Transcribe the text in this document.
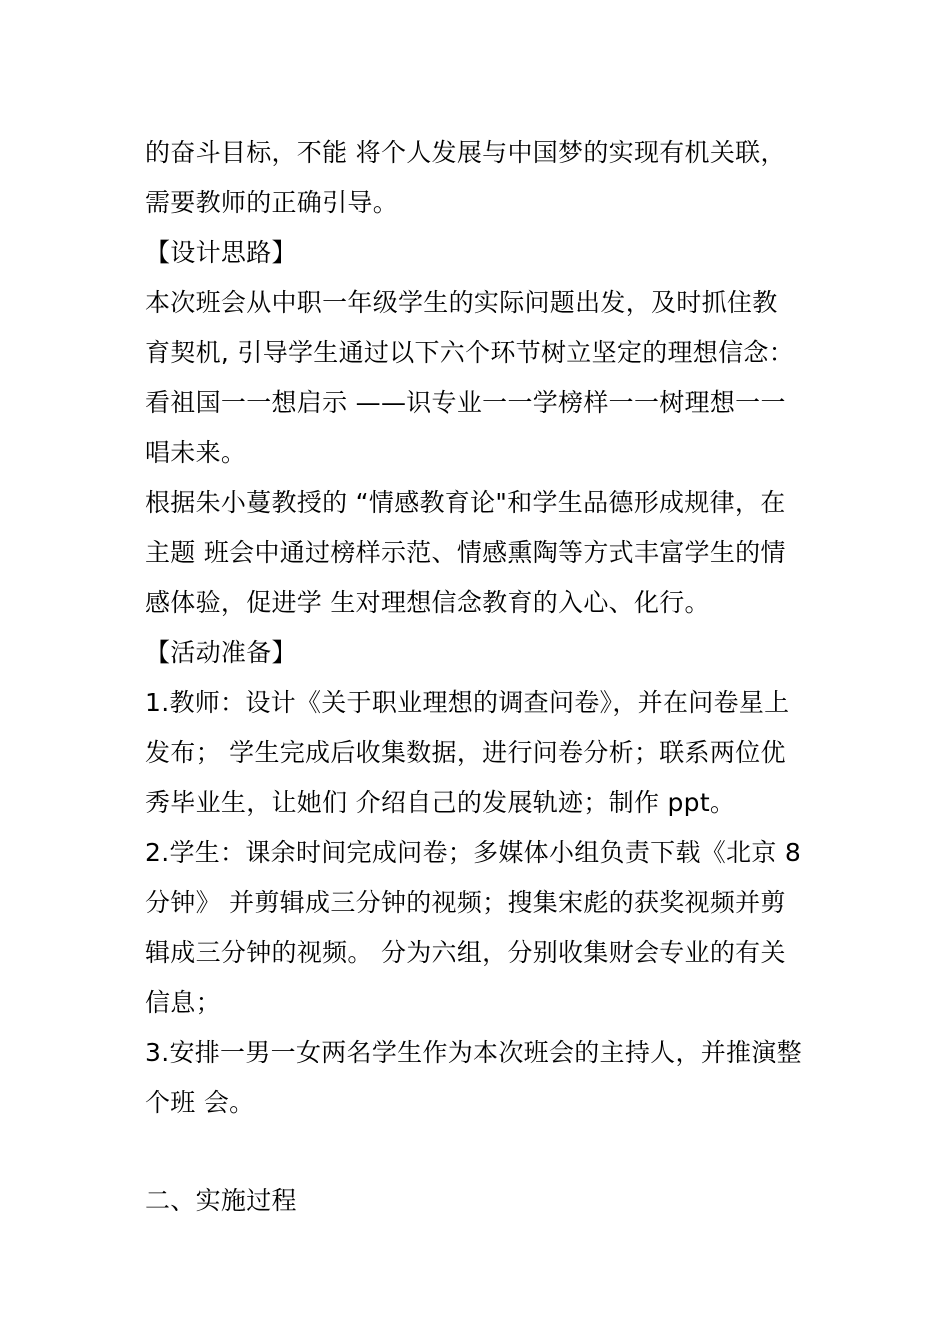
的奋斗目标，不能 将个人发展与中国梦的实现有机关联，
需要教师的正确引导。
【设计思路】
本次班会从中职一年级学生的实际问题出发，及时抓住教
育契机, 引导学生通过以下六个环节树立坚定的理想信念：
看祖国一一想启示 ——识专业一一学榜样一一树理想一一
唱未来。
根据朱小蔓教授的 “情感教育论"和学生品德形成规律，在
主题 班会中通过榜样示范、情感熏陶等方式丰富学生的情
感体验，促进学 生对理想信念教育的入心、化行。
【活动准备】
1.教师：设计《关于职业理想的调查问卷》，并在问卷星上
发布； 学生完成后收集数据，进行问卷分析；联系两位优
秀毕业生，让她们 介绍自己的发展轨迹；制作 ppt。
2.学生：课余时间完成问卷；多媒体小组负责下载《北京 8
分钟》 并剪辑成三分钟的视频；搜集宋彪的获奖视频并剪
辑成三分钟的视频。 分为六组，分别收集财会专业的有关
信息；
3.安排一男一女两名学生作为本次班会的主持人，并推演整
个班 会。
二、实施过程
